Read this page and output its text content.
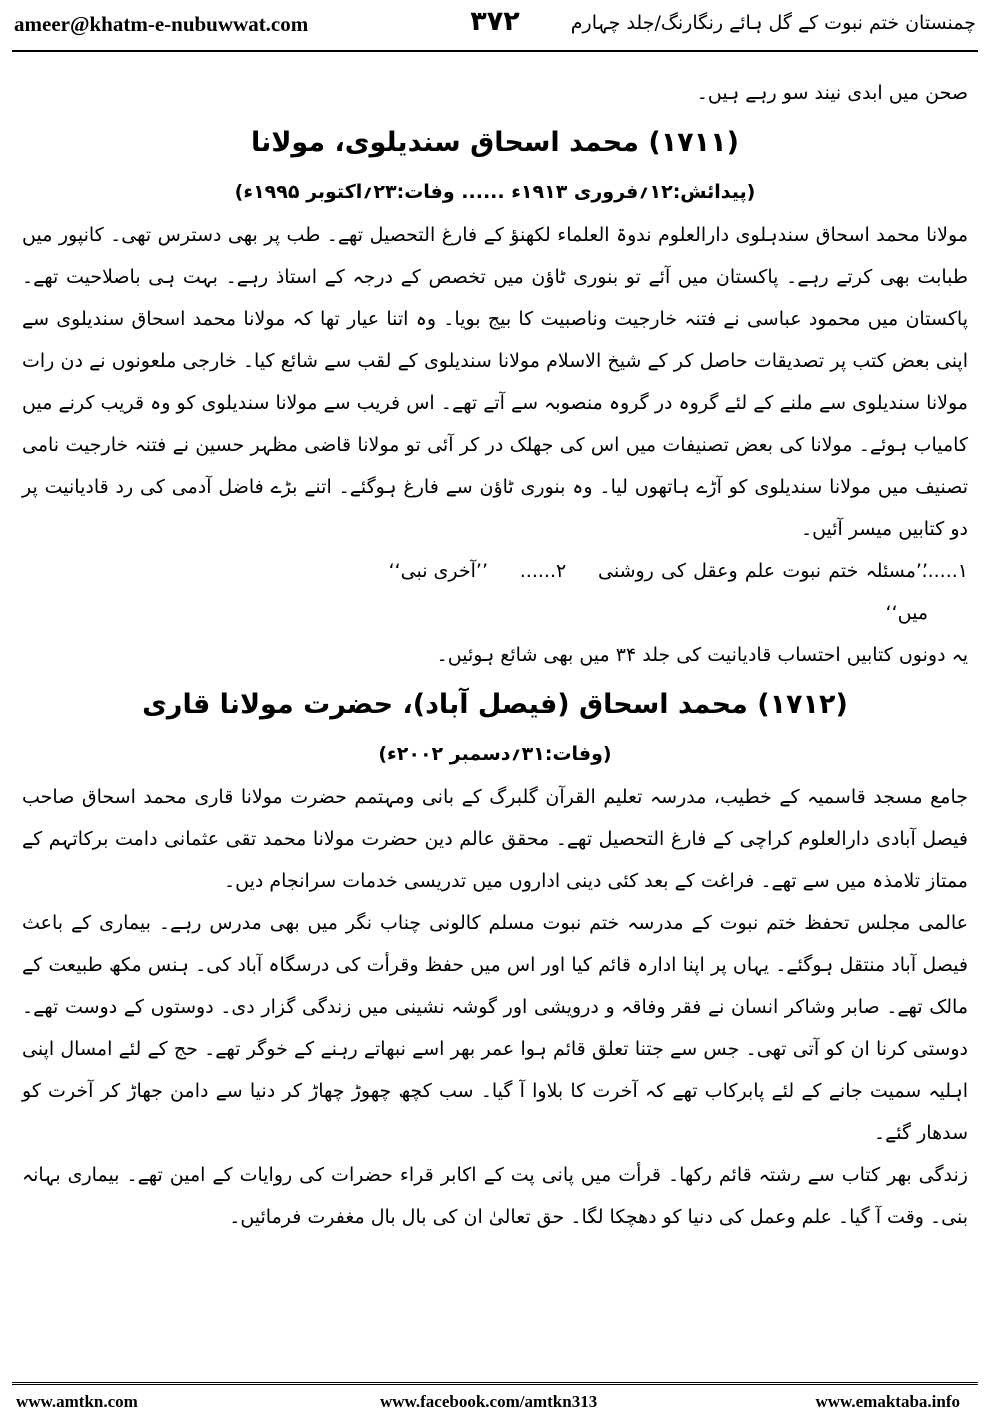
ameer@khatm-e-nubuwwat.com	۳۷۲	چمنستان ختم نبوت کے گل ہائے رنگارنگ/جلد چہارم

صحن میں ابدی نیند سو رہے ہیں۔

(۱۷۱۱) محمد اسحاق سندیلوی، مولانا

(پیدائش:۱۲؍فروری ۱۹۱۳ء ...... وفات:۲۳؍اکتوبر ۱۹۹۵ء)

مولانا محمد اسحاق سندہلوی دارالعلوم ندوۃ العلماء لکھنؤ کے فارغ التحصیل تھے۔ طب پر بھی دسترس تھی۔ کانپور میں طبابت بھی کرتے رہے۔ پاکستان میں آئے تو بنوری ٹاؤن میں تخصص کے درجہ کے استاذ رہے۔ بہت ہی باصلاحیت تھے۔ پاکستان میں محمود عباسی نے فتنہ خارجیت وناصبیت کا بیج بویا۔ وہ اتنا عیار تھا کہ مولانا محمد اسحاق سندیلوی سے اپنی بعض کتب پر تصدیقات حاصل کر کے شیخ الاسلام مولانا سندیلوی کے لقب سے شائع کیا۔ خارجی ملعونوں نے دن رات مولانا سندیلوی سے ملنے کے لئے گروہ در گروہ منصوبہ سے آتے تھے۔ اس فریب سے مولانا سندیلوی کو وہ قریب کرنے میں کامیاب ہوئے۔ مولانا کی بعض تصنیفات میں اس کی جھلک در کر آئی تو مولانا قاضی مظہر حسین نے فتنہ خارجیت نامی تصنیف میں مولانا سندیلوی کو آڑے ہاتھوں لیا۔ وہ بنوری ٹاؤن سے فارغ ہوگئے۔ اتنے بڑے فاضل آدمی کی رد قادیانیت پر دو کتابیں میسر آئیں۔

۱......
’’مسئلہ ختم نبوت علم وعقل کی روشنی میں‘‘
۲......
’’آخری نبی‘‘

یہ دونوں کتابیں احتساب قادیانیت کی جلد ۳۴ میں بھی شائع ہوئیں۔

(۱۷۱۲) محمد اسحاق (فیصل آباد)، حضرت مولانا قاری

(وفات:۳۱؍دسمبر ۲۰۰۲ء)

جامع مسجد قاسمیہ کے خطیب، مدرسہ تعلیم القرآن گلبرگ کے بانی ومہتمم حضرت مولانا قاری محمد اسحاق صاحب فیصل آبادی دارالعلوم کراچی کے فارغ التحصیل تھے۔ محقق عالم دین حضرت مولانا محمد تقی عثمانی دامت برکاتہم کے ممتاز تلامذہ میں سے تھے۔ فراغت کے بعد کئی دینی اداروں میں تدریسی خدمات سرانجام دیں۔

عالمی مجلس تحفظ ختم نبوت کے مدرسہ ختم نبوت مسلم کالونی چناب نگر میں بھی مدرس رہے۔ بیماری کے باعث فیصل آباد منتقل ہوگئے۔ یہاں پر اپنا ادارہ قائم کیا اور اس میں حفظ وقرأت کی درسگاہ آباد کی۔ ہنس مکھ طبیعت کے مالک تھے۔ صابر وشاکر انسان نے فقر وفاقہ و درویشی اور گوشہ نشینی میں زندگی گزار دی۔ دوستوں کے دوست تھے۔ دوستی کرنا ان کو آتی تھی۔ جس سے جتنا تعلق قائم ہوا عمر بھر اسے نبھاتے رہنے کے خوگر تھے۔ حج کے لئے امسال اپنی اہلیہ سمیت جانے کے لئے پابرکاب تھے کہ آخرت کا بلاوا آ گیا۔ سب کچھ چھوڑ چھاڑ کر دنیا سے دامن جھاڑ کر آخرت کو سدھار گئے۔

زندگی بھر کتاب سے رشتہ قائم رکھا۔ قرأت میں پانی پت کے اکابر قراء حضرات کی روایات کے امین تھے۔ بیماری بہانہ بنی۔ وقت آ گیا۔ علم وعمل کی دنیا کو دھچکا لگا۔ حق تعالیٰ ان کی بال بال مغفرت فرمائیں۔

www.amtkn.com	www.facebook.com/amtkn313	www.emaktaba.info
